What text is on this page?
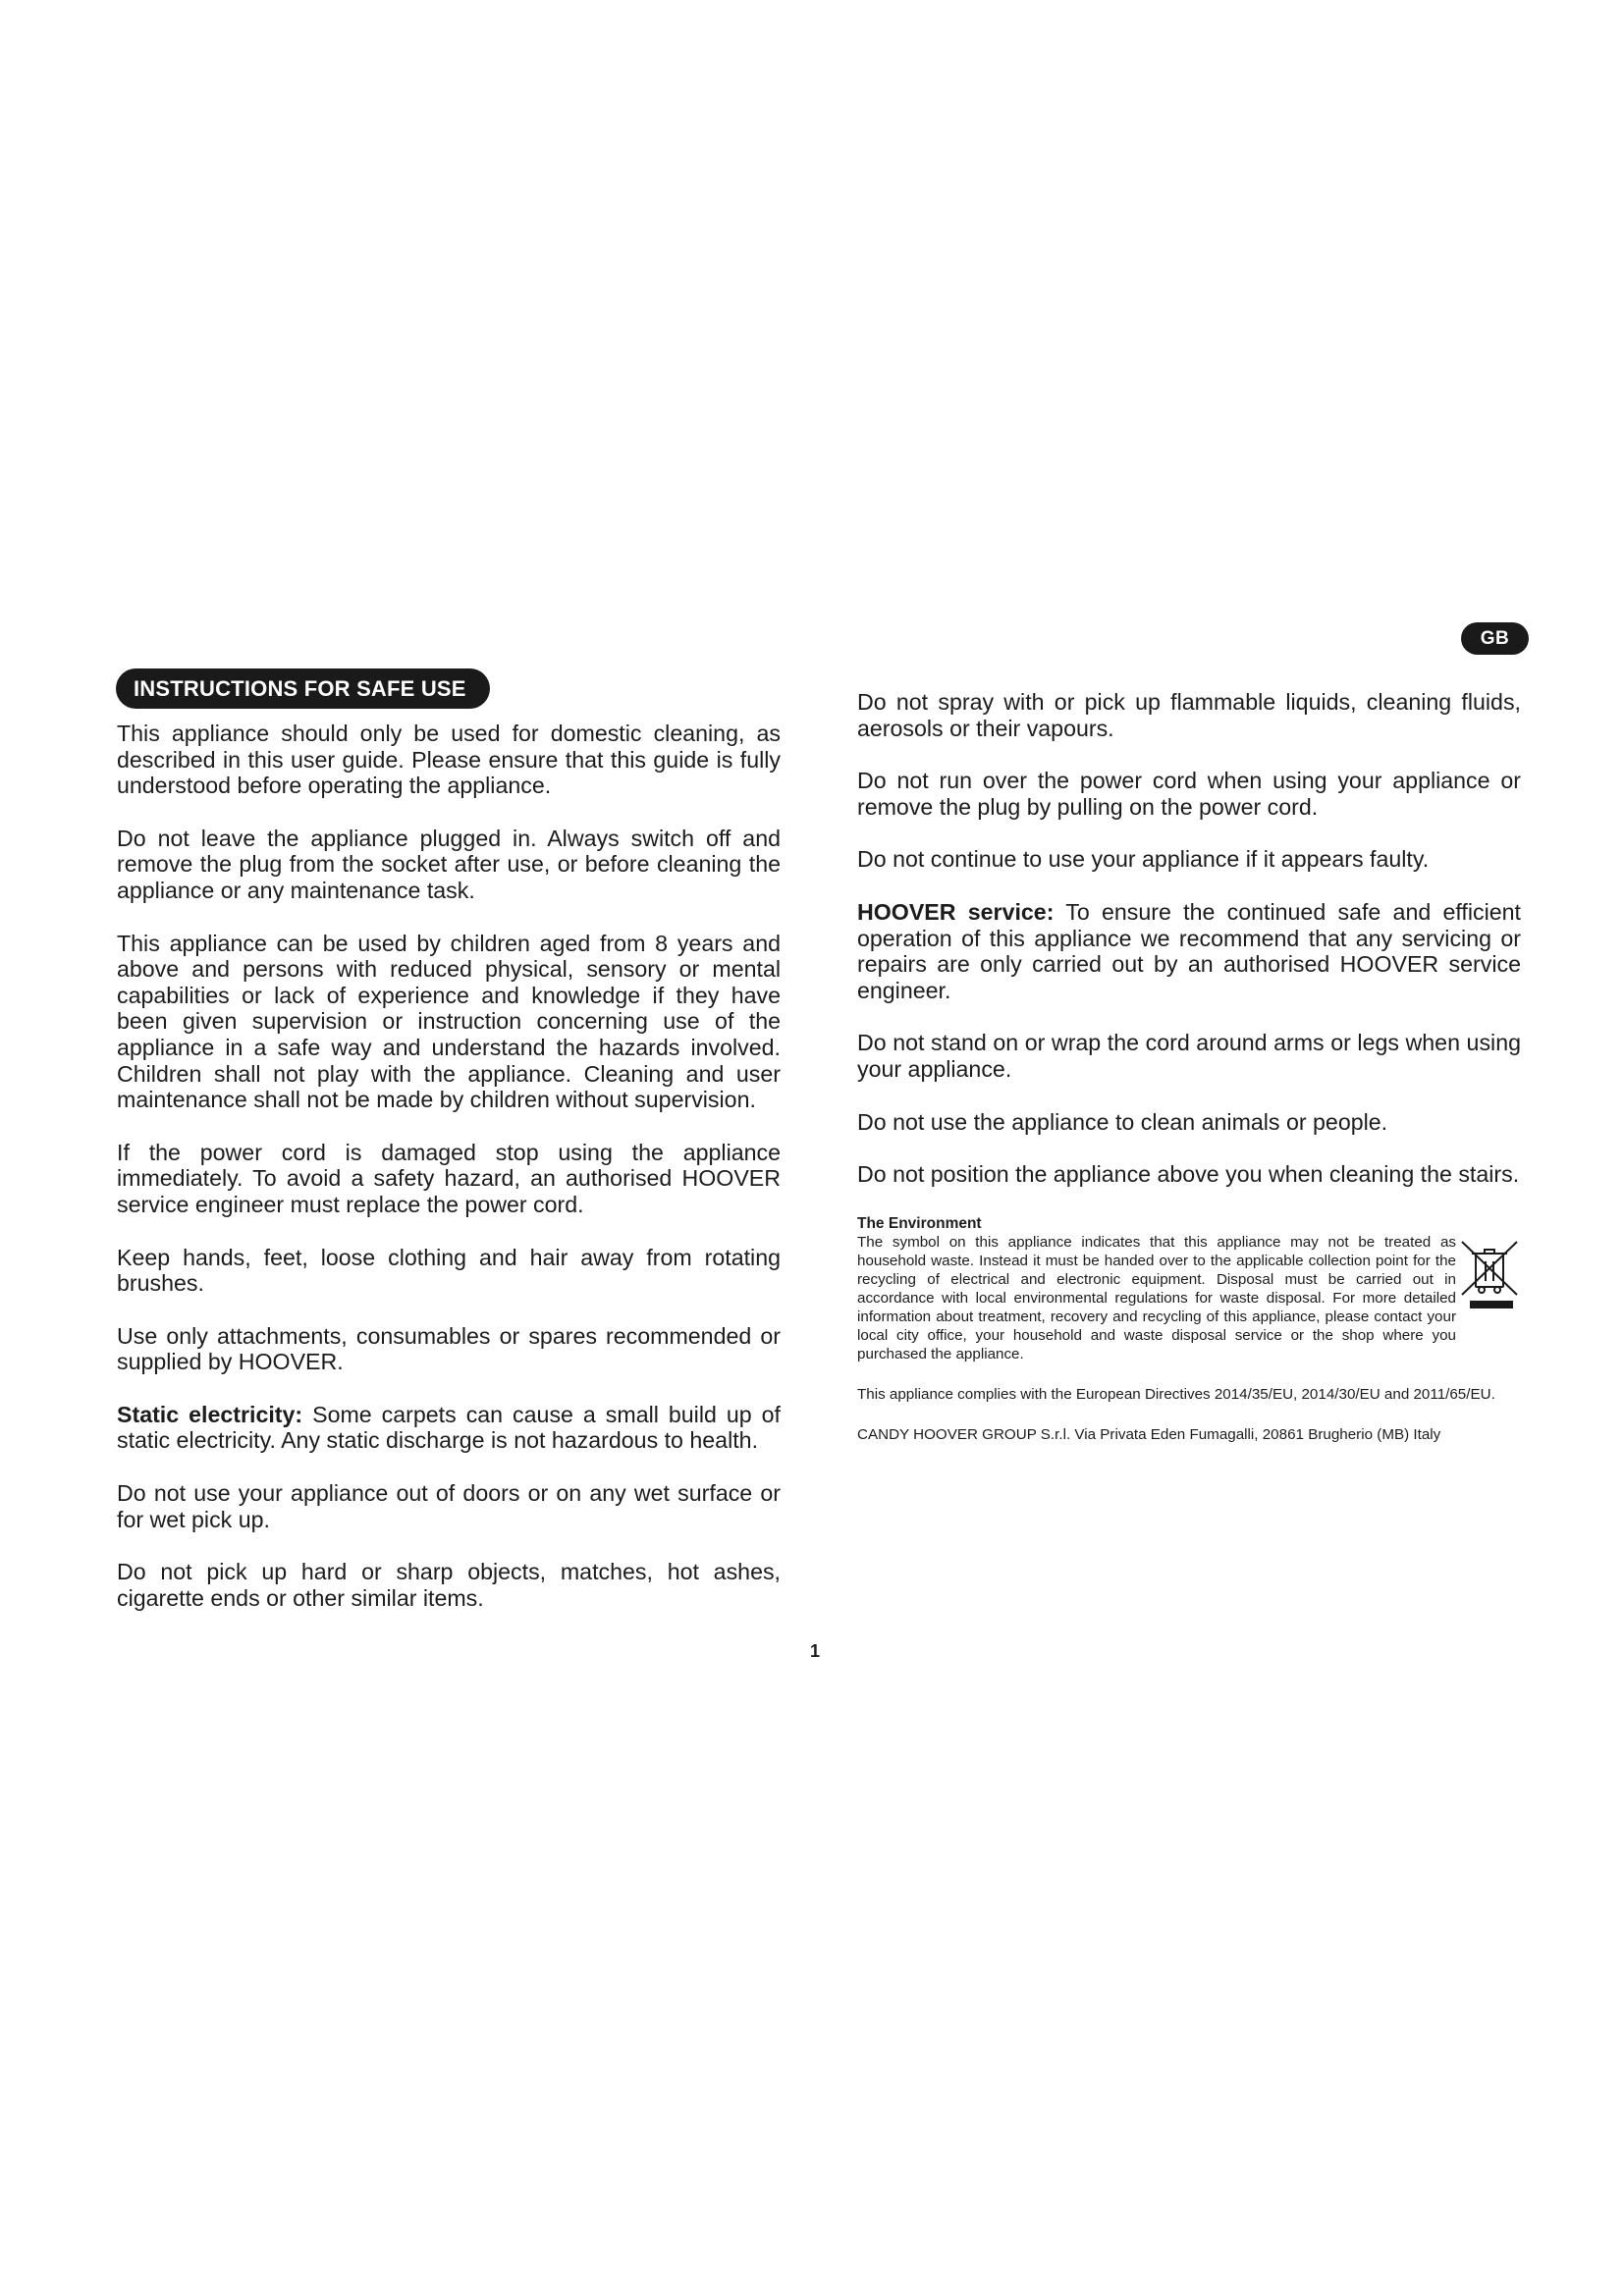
GB
INSTRUCTIONS FOR SAFE USE

This appliance should only be used for domestic cleaning, as described in this user guide. Please ensure that this guide is fully understood before operating the appliance.

Do not leave the appliance plugged in. Always switch off and remove the plug from the socket after use, or before cleaning the appliance or any maintenance task.

This appliance can be used by children aged from 8 years and above and persons with reduced physical, sensory or mental capabilities or lack of experience and knowledge if they have been given supervision or instruction concerning use of the appliance in a safe way and understand the hazards involved. Children shall not play with the appliance. Cleaning and user maintenance shall not be made by children without supervision.

If the power cord is damaged stop using the appliance immediately. To avoid a safety hazard, an authorised HOOVER service engineer must replace the power cord.

Keep hands, feet, loose clothing and hair away from rotating brushes.

Use only attachments, consumables or spares recommended or supplied by HOOVER.

Static electricity: Some carpets can cause a small build up of static electricity. Any static discharge is not hazardous to health.

Do not use your appliance out of doors or on any wet surface or for wet pick up.

Do not pick up hard or sharp objects, matches, hot ashes, cigarette ends or other similar items.

Do not spray with or pick up flammable liquids, cleaning fluids, aerosols or their vapours.

Do not run over the power cord when using your appliance or remove the plug by pulling on the power cord.

Do not continue to use your appliance if it appears faulty.

HOOVER service: To ensure the continued safe and efficient operation of this appliance we recommend that any servicing or repairs are only carried out by an authorised HOOVER service engineer.

Do not stand on or wrap the cord around arms or legs when using your appliance.

Do not use the appliance to clean animals or people.

Do not position the appliance above you when cleaning the stairs.

The Environment

The symbol on this appliance indicates that this appliance may not be treated as household waste. Instead it must be handed over to the applicable collection point for the recycling of electrical and electronic equipment. Disposal must be carried out in accordance with local environmental regulations for waste disposal. For more detailed information about treatment, recovery and recycling of this appliance, please contact your local city office, your household and waste disposal service or the shop where you purchased the appliance.

This appliance complies with the European Directives 2014/35/EU, 2014/30/EU and 2011/65/EU.

CANDY HOOVER GROUP S.r.l. Via Privata Eden Fumagalli, 20861 Brugherio (MB) Italy

1
